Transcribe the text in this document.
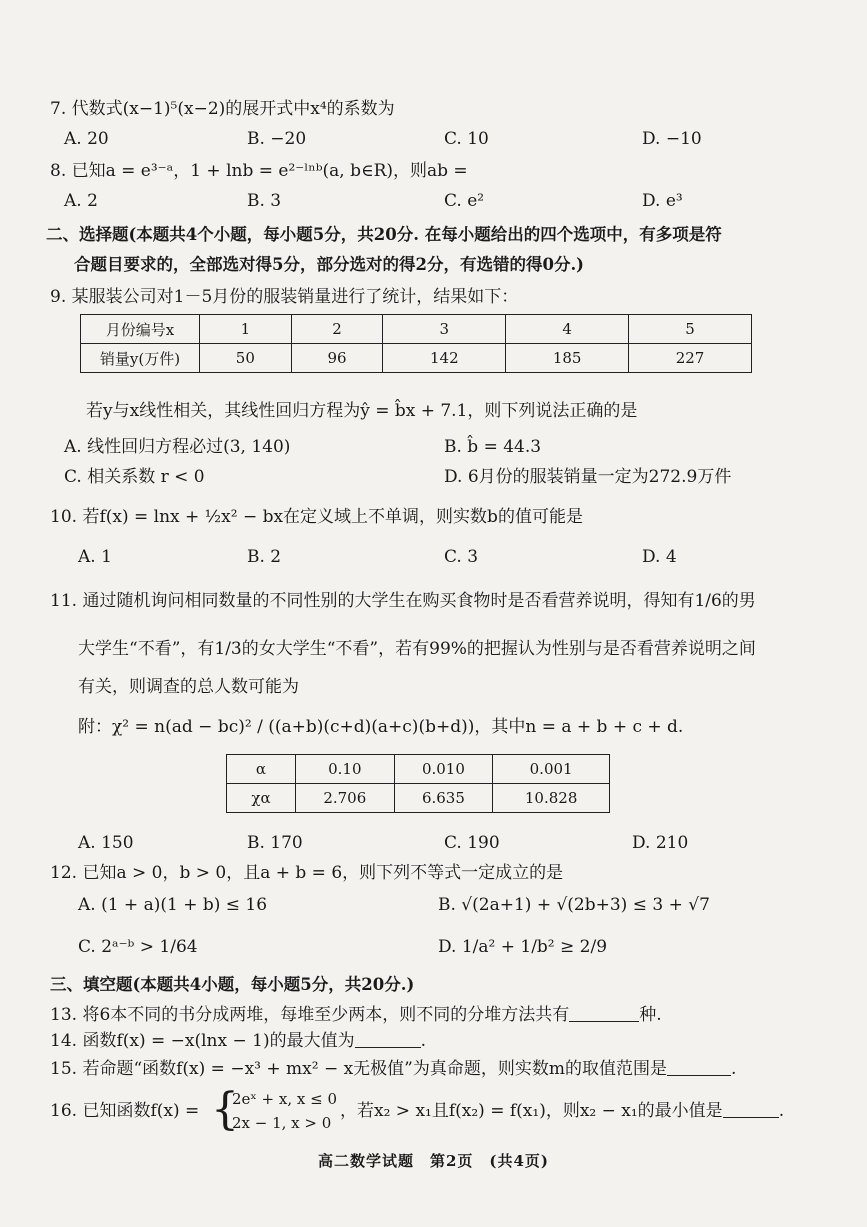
7. 代数式(x−1)⁵(x−2)的展开式中x⁴的系数为
A. 20	B. −20	C. 10	D. −10
8. 已知a = e³⁻ᵃ，1 + lnb = e²⁻ˡⁿᵇ(a, b∈R)，则ab =
A. 2	B. 3	C. e²	D. e³
二、选择题(本题共4个小题，每小题5分，共20分. 在每小题给出的四个选项中，有多项是符
合题目要求的，全部选对得5分，部分选对的得2分，有选错的得0分.)
9. 某服装公司对1－5月份的服装销量进行了统计，结果如下：
月份编号x	1	2	3	4	5
销量y(万件)	50	96	142	185	227
若y与x线性相关，其线性回归方程为ŷ = b̂x + 7.1，则下列说法正确的是
A. 线性回归方程必过(3, 140)	B. b̂ = 44.3
C. 相关系数 r < 0	D. 6月份的服装销量一定为272.9万件
10. 若f(x) = lnx + ½x² − bx在定义域上不单调，则实数b的值可能是
A. 1	B. 2	C. 3	D. 4
11. 通过随机询问相同数量的不同性别的大学生在购买食物时是否看营养说明，得知有1/6的男
大学生“不看”，有1/3的女大学生“不看”，若有99%的把握认为性别与是否看营养说明之间
有关，则调查的总人数可能为
附：χ² = n(ad − bc)² / ((a+b)(c+d)(a+c)(b+d))，其中n = a + b + c + d.
α	0.10	0.010	0.001
χα	2.706	6.635	10.828
A. 150	B. 170	C. 190	D. 210
12. 已知a > 0，b > 0，且a + b = 6，则下列不等式一定成立的是
A. (1 + a)(1 + b) ≤ 16	B. √(2a+1) + √(2b+3) ≤ 3 + √7
C. 2ᵃ⁻ᵇ > 1/64	D. 1/a² + 1/b² ≥ 2/9
三、填空题(本题共4小题，每小题5分，共20分.)
13. 将6本不同的书分成两堆，每堆至少两本，则不同的分堆方法共有	种.
14. 函数f(x) = −x(lnx − 1)的最大值为	.
15. 若命题“函数f(x) = −x³ + mx² − x无极值”为真命题，则实数m的取值范围是	.
16. 已知函数f(x) = {
2eˣ + x, x ≤ 0
2x − 1, x > 0
，若x₂ > x₁且f(x₂) = f(x₁)，则x₂ − x₁的最小值是	.
高二数学试题　第2页　(共4页)
